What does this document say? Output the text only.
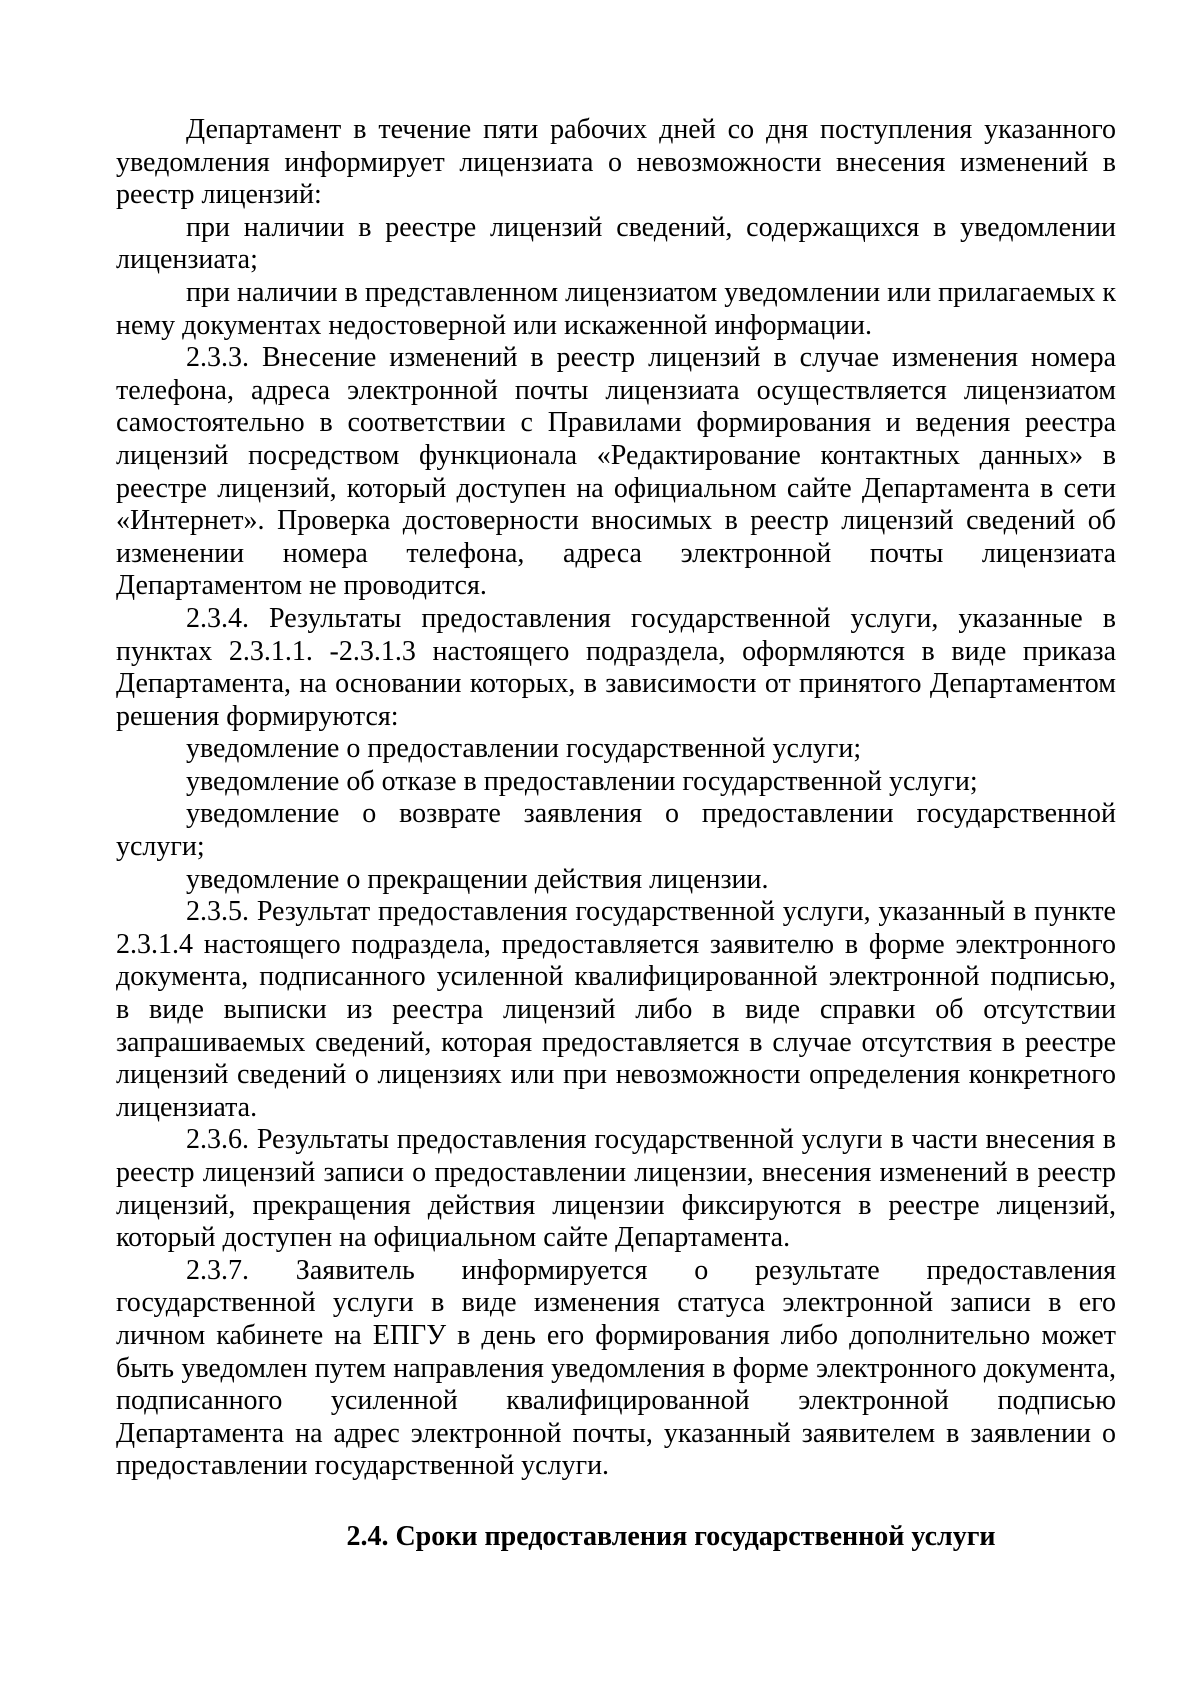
Департамент в течение пяти рабочих дней со дня поступления указанного уведомления информирует лицензиата о невозможности внесения изменений в реестр лицензий:

при наличии в реестре лицензий сведений, содержащихся в уведомлении лицензиата;

при наличии в представленном лицензиатом уведомлении или прилагаемых к нему документах недостоверной или искаженной информации.

2.3.3. Внесение изменений в реестр лицензий в случае изменения номера телефона, адреса электронной почты лицензиата осуществляется лицензиатом самостоятельно в соответствии с Правилами формирования и ведения реестра лицензий посредством функционала «Редактирование контактных данных» в реестре лицензий, который доступен на официальном сайте Департамента в сети «Интернет». Проверка достоверности вносимых в реестр лицензий сведений об изменении номера телефона, адреса электронной почты лицензиата Департаментом не проводится.

2.3.4. Результаты предоставления государственной услуги, указанные в пунктах 2.3.1.1. -2.3.1.3 настоящего подраздела, оформляются в виде приказа Департамента, на основании которых, в зависимости от принятого Департаментом решения формируются:

уведомление о предоставлении государственной услуги;

уведомление об отказе в предоставлении государственной услуги;

уведомление о возврате заявления о предоставлении государственной услуги;

уведомление о прекращении действия лицензии.

2.3.5. Результат предоставления государственной услуги, указанный в пункте 2.3.1.4 настоящего подраздела, предоставляется заявителю в форме электронного документа, подписанного усиленной квалифицированной электронной подписью, в виде выписки из реестра лицензий либо в виде справки об отсутствии запрашиваемых сведений, которая предоставляется в случае отсутствия в реестре лицензий сведений о лицензиях или при невозможности определения конкретного лицензиата.

2.3.6. Результаты предоставления государственной услуги в части внесения в реестр лицензий записи о предоставлении лицензии, внесения изменений в реестр лицензий, прекращения действия лицензии фиксируются в реестре лицензий, который доступен на официальном сайте Департамента.

2.3.7. Заявитель информируется о результате предоставления государственной услуги в виде изменения статуса электронной записи в его личном кабинете на ЕПГУ в день его формирования либо дополнительно может быть уведомлен путем направления уведомления в форме электронного документа, подписанного усиленной квалифицированной электронной подписью Департамента на адрес электронной почты, указанный заявителем в заявлении о предоставлении государственной услуги.

2.4. Сроки предоставления государственной услуги
